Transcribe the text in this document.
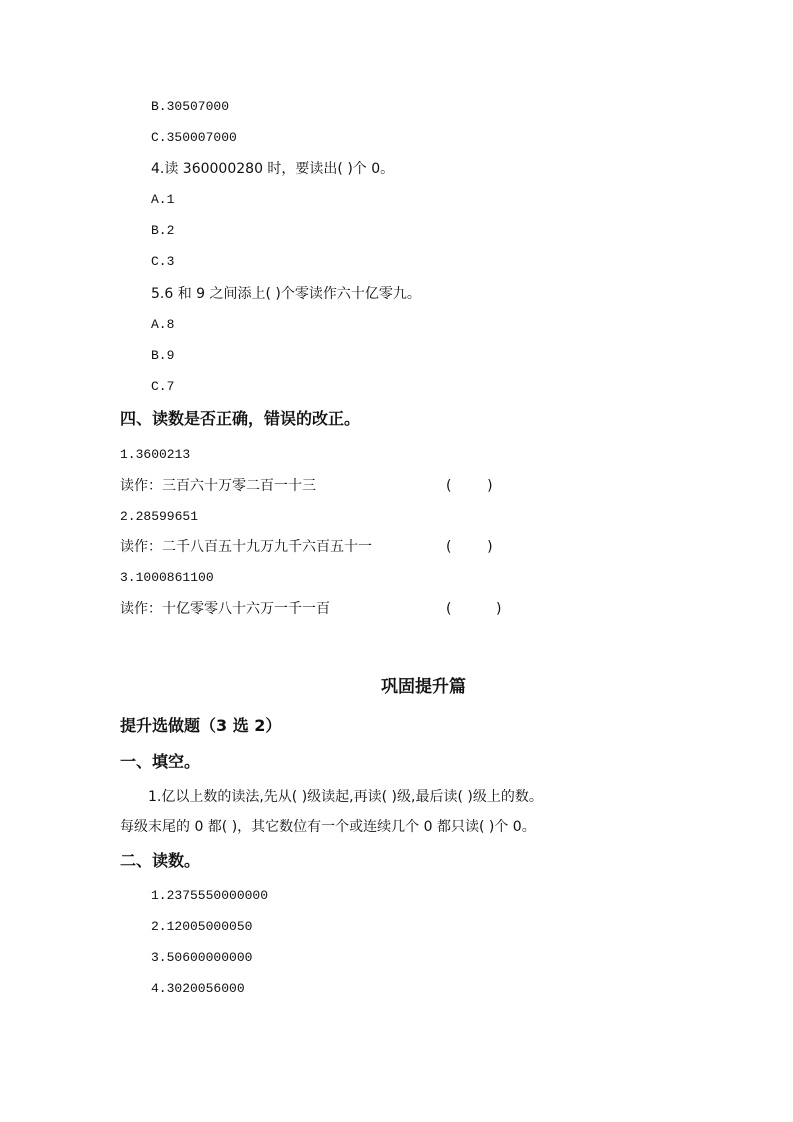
B.30507000
C.350007000
4.读 360000280 时，要读出( )个 0。
A.1
B.2
C.3
5.6 和 9 之间添上( )个零读作六十亿零九。
A.8
B.9
C.7
四、读数是否正确，错误的改正。
1.3600213
读作：三百六十万零二百一十三	(        )
2.28599651
读作：二千八百五十九万九千六百五十一	(        )
3.1000861100
读作：十亿零零八十六万一千一百	(          )
巩固提升篇
提升选做题（3 选 2）
一、填空。
1.亿以上数的读法,先从( )级读起,再读( )级,最后读( )级上的数。
每级末尾的 0 都( )，其它数位有一个或连续几个 0 都只读( )个 0。
二、读数。
1.2375550000000
2.12005000050
3.50600000000
4.3020056000
